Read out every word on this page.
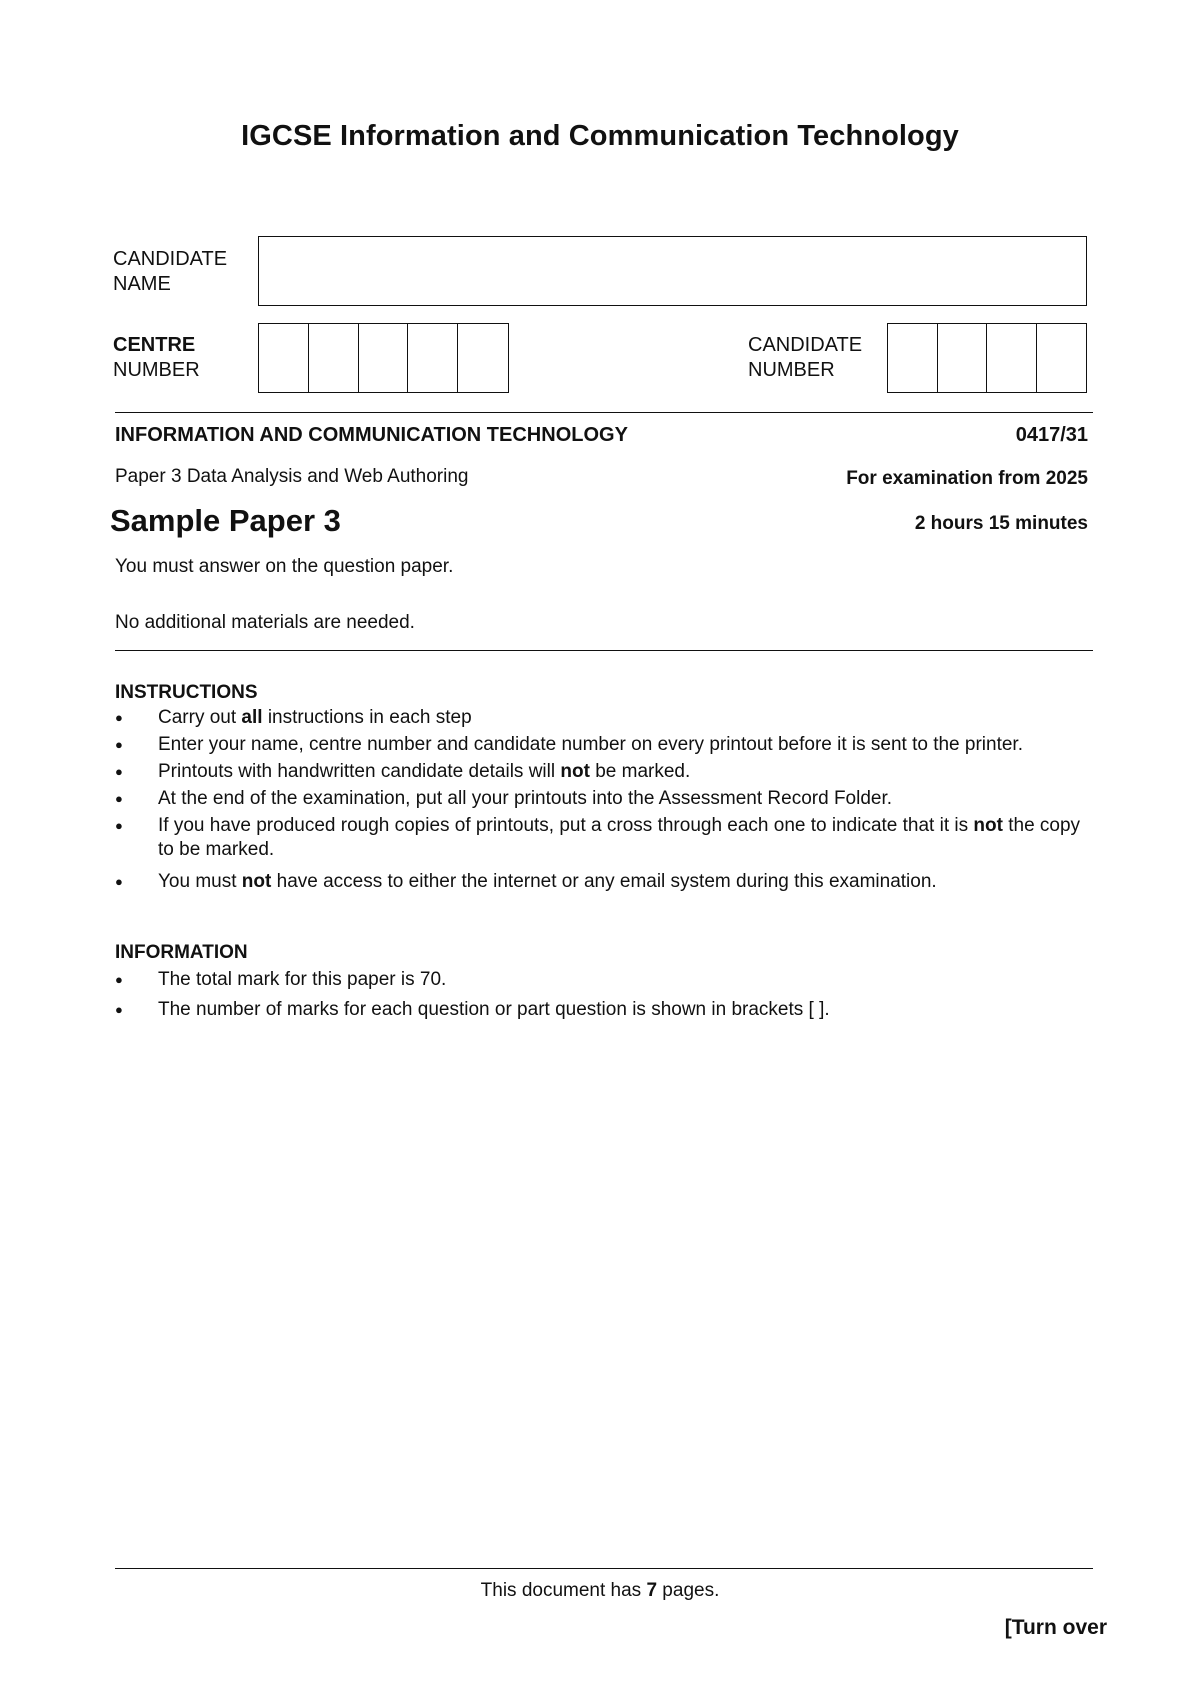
IGCSE Information and Communication Technology
CANDIDATE
NAME
CENTRE
NUMBER
CANDIDATE
NUMBER
INFORMATION AND COMMUNICATION TECHNOLOGY	0417/31
Paper 3 Data Analysis and Web Authoring	For examination from 2025
Sample Paper 3	2 hours 15 minutes
You must answer on the question paper.
No additional materials are needed.
INSTRUCTIONS
● Carry out all instructions in each step
● Enter your name, centre number and candidate number on every printout before it is sent to the printer.
● Printouts with handwritten candidate details will not be marked.
● At the end of the examination, put all your printouts into the Assessment Record Folder.
● If you have produced rough copies of printouts, put a cross through each one to indicate that it is not the copy to be marked.
● You must not have access to either the internet or any email system during this examination.
INFORMATION
● The total mark for this paper is 70.
● The number of marks for each question or part question is shown in brackets [ ].
This document has 7 pages.
[Turn over
